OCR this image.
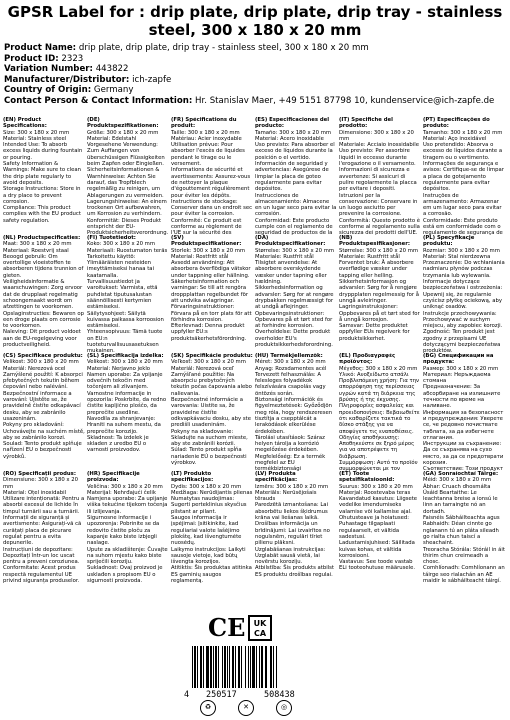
GPSR Label for : drip plate, drip plate, drip tray - stainless
steel, 300 x 180 x 20 mm
Product Name: drip plate, drip plate, drip tray - stainless steel, 300 x 180 x 20 mm
Product ID: 2323
Variation Number: 443822
Manufacturer/Distributor: ich-zapfe
Country of Origin: Germany
Contact Person & Contact Information: Hr. Stanislav Maer, +49 5151 87798 10, kundenservice@ich-zapfe.de

(EN) Product Specifications:

Size: 300 x 180 x 20 mm
Material: Stainless steel
Intended Use: To absorb excess liquids during fountain or pouring.
Safety Information & Warnings: Make sure to clean the drip plate regularly to avoid deposits.
Storage Instructions: Store in a dry place to prevent corrosion.
Compliance: This product complies with the EU product safety regulation.

(DE) Produktspezifikationen:

Größe: 300 x 180 x 20 mm
Material: Edelstahl
Vorgesehene Verwendung: Zum Auffangen von überschüssigen Flüssigkeiten beim Zapfen oder Eingießen.
Sicherheitsinformationen & Warnhinweise: Achten Sie darauf, das Tropfblech regelmäßig zu reinigen, um Ablagerungen zu vermeiden.
Lagerungshinweise: An einem trockenen Ort aufbewahren, um Korrosion zu verhindern.
Konformität: Dieses Produkt entspricht der EU-Produktsicherheitsverordnung.

(FR) Spécifications du produit:

Taille: 300 x 180 x 20 mm
Matériau: Acier inoxydable
Utilisation prévue: Pour absorber l'excès de liquides pendant le tirage ou le versement.
Informations de sécurité et avertissements: Assurez-vous de nettoyer la plaque d'égouttement régulièrement pour éviter les dépôts.
Instructions de stockage: Conserver dans un endroit sec pour éviter la corrosion.
Conformité: Ce produit est conforme au règlement de l'UE sur la sécurité des

(ES) Especificaciones del producto:

Tamaño: 300 x 180 x 20 mm
Material: Acero inoxidable
Uso previsto: Para absorber el exceso de líquidos durante la posición o el vertido.
Información de seguridad y advertencias: Asegúrese de limpiar la placa de goteo regularmente para evitar depósitos.
Instrucciones de almacenamiento: Almacene en un lugar seco para evitar la corrosión.
Conformidad: Este producto cumple con el reglamento de seguridad de productos de la

(IT) Specifiche del prodotto:

Dimensione: 300 x 180 x 20 mm
Materiale: Acciaio inossidabile
Uso previsto: Per assorbire liquidi in eccesso durante l'erogazione o il versamento.
Informazioni di sicurezza e avvertenze: Si assicuri di pulire regolarmente la placca per evitare i depositi.
Istruzioni per la conservazione: Conservare in un luogo asciutto per prevenire la corrosione.
Conformità: Questo prodotto è conforme al regolamento sulla sicurezza dei prodotti dell'UE.

(PT) Especificações do produto:

Tamanho: 300 x 180 x 20 mm
Material: Aço inoxidável
Uso pretendido: Absorva o excesso de líquidos durante a tiragem ou o vertimento.
Informações de segurança e avisos: Certifique-se de limpar a placa de gotejamento regularmente para evitar depósitos.
Instruções de armazenamento: Armazenar em um lugar seco para evitar a corrosão.
Conformidade: Este produto está em conformidade com o regulamento de segurança de

(NL) Productspecificaties:

Maat: 300 x 180 x 20 mm
Materiaal: Roestvrij staal
Beoogd gebruik: Om overtollige vloeistoffen te absorberen tijdens trunnion of gieten.
Veiligheidsinformatie & waarschuwingen: Zorg ervoor dat de drupplaat regelmatig schoongemaakt wordt om afzettingen te voorkomen.
Opslaginstructies: Bewaren op een droge plaats om corrosie te voorkomen.
Naleving: Dit product voldoet aan de EU-regelgeving voor productveiligheid.

(FI) Tuotetiedot:

Koko: 300 x 180 x 20 mm
Materiaali: Ruostumaton teräs
Tarkoitettu käyttö: Ylimääräisten nesteiden imeyttämiseksi hanaa tai kaatamalla.
Turvallisuustiedot ja varoitukset: Varmista, että puhdistat tiputusalustan säännöllisesti kertymien estämiseksi.
Säilytysohjeet: Säilytä kuivassa paikassa korroosion estämiseksi.
Yhteensopivuus: Tämä tuote on EU:n tuoteturvallisuusasetuksen mukainen.

(SV) Produktspecifikationer:

Storlek: 300 x 180 x 20 mm
Material: Rostfritt stål
Avsedd användning: Att absorbera överflödiga vätskor under tappning eller hällning.
Säkerhetsinformation och varningar: Se till att rengöra droppplattan regelbundet för att undvika avlagringar.
Förvaringsinstruktioner: Förvara på en torr plats för att förhindra korrosion.
Efterlevnad: Denna produkt uppfyller EU:s produktsäkerhetsförordning.

(DA) Produktspecifikationer:

Størrelse: 300 x 180 x 20 mm
Materiale: Rustfrit stål
Tilsigtet anvendelse: At absorbere overskydende væsker under tapning eller hældning.
Sikkerhedsinformation og advarsler: Sørg for at rengøre drypbakken regelmæssigt for at undgå aflejringer.
Opbevaringsinstruktioner: Opbevares på et tørt sted for at forhindre korrosion.
Overholdelse: Dette produkt overholder EU's produktsikkerhedsforordning.

(NB) Produktspesifikasjoner:

Størrelse: 300 x 180 x 20 mm
Materiale: Rustfritt stål
Forventet bruk: Å absorbere overflødige væsker under tapping eller helling.
Sikkerhetsinformasjon og advarsler: Sørg for å rengjøre dryppplaten regelmessig for å unngå avleiringer.
Lagringsinstruksjoner: Oppbevares på et tørt sted for å unngå korrosjon.
Samsvar: Dette produktet oppfyller EUs regelverk for produktsikkerhet.

(PL) Specyfikacje produktu:

Rozmiar: 300 x 180 x 20 mm
Materiał: Stal nierdzewna
Przeznaczenie: Do wchłaniania nadmiaru płynów podczas trzymania lub wylewania.
Informacje dotyczące bezpieczeństwa i ostrzeżenia: Upewnij się, że regularnie czyścisz płytkę ociekową, aby uniknąć osadów.
Instrukcje przechowywania: Przechowywać w suchym miejscu, aby zapobiec korozji.
Zgodność: Ten produkt jest zgodny z przepisami UE dotyczącymi bezpieczeństwa produktów.

(CS) Specifikace produktu:

Velikost: 300 x 180 x 20 mm
Materiál: Nerezová ocel
Zamýšlené použití: K absorpci přebytečných tekutin během čepování nebo nalévání.
Bezpečnostní informace a varování: Ujistěte se, že pravidelně čistíte odkapávací desku, aby se zabránilo usazeninám.
Pokyny pro skladování: Uchovávejte na suchém místě, aby se zabránilo korozi.
Soulad: Tento produkt splňuje nařízení EU o bezpečnosti výrobků.

(SL) Specifikacija izdelka:

Velikost: 300 x 180 x 20 mm
Material: Nerjavno jeklo
Namen uporabe: Za vpijanje odvečnih tekočin med točenjem ali zlivanjem.
Varnostne informacije in opozorila: Poskrbite, da redno čistite kapljično ploščo, da preprečite usedline.
Navodila za shranjevanje: Hraniti na suhem mestu, da preprečite korozijo.
Skladnost: Ta izdelek je skladen z uredbo EU o varnosti proizvodov.

(SK) Špecifikácie produktu:

Veľkosť: 300 x 180 x 20 mm
Materiál: Nerezová oceľ
Zamýšľané použitie: Na absorpciu prebytočných tekutín počas čapovania alebo nalievania.
Bezpečnostné informácie a varovania: Uistite sa, že pravidelne čistíte odkvapkávaciu dosku, aby ste predišli usadeninám.
Pokyny na skladovanie: Skladujte na suchom mieste, aby ste zabránili korózii.
Súlad: Tento produkt spĺňa nariadenie EÚ o bezpečnosti výrobkov.

(HU) Termékjellemzők:

Méret: 300 x 180 x 20 mm
Anyag: Rozsdamentes acél
Tervezett felhasználás: A felesleges folyadékok felszívására csapolás vagy öntözés során.
Biztonsági információk és figyelmeztetések: Győződjön meg róla, hogy rendszeresen tisztítja a csepptálcát a lerakódások elkerülése érdekében.
Tárolási utasítások: Száraz helyen tárolja a korrózió megelőzése érdekében.
Megfelelőség: Ez a termék megfelel az EU termékbiztonsági

(EL) Προδιαγραφές προϊόντος:

Μέγεθος: 300 x 180 x 20 mm
Υλικό: Ανοξείδωτο ατσάλι
Προβλεπόμενη χρήση: Για την απορρόφηση της περίσσειας υγρών κατά τη διάρκεια της βρύσης ή της έκχυσης.
Πληροφορίες ασφαλείας και προειδοποιήσεις: Βεβαιωθείτε ότι καθαρίζετε τακτικά το δίσκο στάξης για να αποφύγετε τις εναποθέσεις.
Οδηγίες αποθήκευσης: Αποθηκεύστε σε ξηρό μέρος για να αποτρέψετε τη διάβρωση.
Συμμόρφωση: Αυτό το προϊόν συμμορφώνεται με τον

(BG) Спецификации на продукта:

Размер: 300 x 180 x 20 mm
Материал: Неръждаема стомана
Предназначение: За абсорбиране на излишните течности по време на наливане.
Информация за безопасност и предупреждения: Уверете се, че редовно почиствате таблата, за да избегнете отлагания.
Инструкции за съхранение: Да се съхранява на сухо място, за да се предотврати корозия.
Съответствие: Този продукт

(RO) Specificații produs:

Dimensiune: 300 x 180 x 20 mm
Material: Oțel inoxidabil
Utilizare intenționată: Pentru a absorbi excesul de lichide în timpul turnării sau a turnării.
Informații de siguranță și avertismente: Asigurați-vă că curățați placa de picurare regulat pentru a evita depunerile.
Instrucțiuni de depozitare: Depozitați într-un loc uscat pentru a preveni coroziunea.
Conformitate: Acest produs respectă regulamentul UE privind siguranța produselor.

(HR) Specifikacije proizvoda:

Veličina: 300 x 180 x 20 mm
Materijal: Nehrđajući čelik
Namjena uporabe: Za upijanje viška tekućine tijekom točenja ili izlijevanja.
Sigurnosne informacije i upozorenja: Pobrinite se da redovito čistite ploču za kapanje kako biste izbjegli naslage.
Upute za skladištenje: Čuvajte na suhom mjestu kako biste spriječili koroziju.
Sukladnost: Ovaj proizvod je usklađen s propisom EU o sigurnosti proizvoda.

(LT) Produkto specifikacijos:

Dydis: 300 x 180 x 20 mm
Medžiaga: Nerūdijantis plienas
Numatytas naudojimas: Sugerti perteklinius skysčius pilstant ar pilant.
Saugos informacija ir įspėjimai: Įsitikinkite, kad reguliariai valote lašėjimo plokštę, kad išvengtumėte nuosėdų.
Laikymo instrukcijos: Laikyti sausoje vietoje, kad būtų išvengta korozijos.
Atitiktis: Šis produktas atitinka ES gaminių saugos reglamentą.

(LV) Produkta specifikācijas:

Izmērs: 300 x 180 x 20 mm
Materiāls: Nerūsējošais tērauds
Paredzētā izmantošana: Lai absorbētu liekos šķidrumus krāna vai liešanas laikā.
Drošības informācija un brīdinājumi: Lai izvairītos no nogulsnēm, regulāri tīriet pilienu plāksni.
Uzglabāšanas instrukcijas: Uzglabāt sausā vietā, lai novērstu koroziju.
Atbilstība: Šis produkts atbilst ES produktu drošības regulai.

(ET) Toote spetsifikatsioonid:

Suurus: 300 x 180 x 20 mm
Materjal: Roostevaba teras
Kavandatud kasutus: Liigsete vedelike imendumiseks valamise või kallamise ajal.
Ohutusteave ja hoiatused: Puhastage tilgaplaati regulaarselt, et vältida sadestusi.
Ladustamisjuhised: Säilitada kuivas kohas, et vältida korrosiooni.
Vastavus: See toode vastab ELi tooteohutuse määrusele.

(GA) Sonraíochtaí Táirge:

Méid: 300 x 180 x 20 mm
Ábhar: Cruach dhosmálta
Úsáid Beartaithe: Le leachtanna breise a ionsú le linn an tarraingte nó an dortadh.
Faisnéis Sábháilteachta agus Rabhaidh: Déan cinnte go nglanann tú an pláta sileadh go rialta chun taiscí a sheachaint.
Treoracha Stórála: Stóráil in áit thirim chun creimeadh a chosc.
Comhlíonadh: Comhlíonann an táirge seo rialachán an AE maidir le sábháilteacht táirgí.

CE	UK CA
4 250517	508438
♻	✕	◎
